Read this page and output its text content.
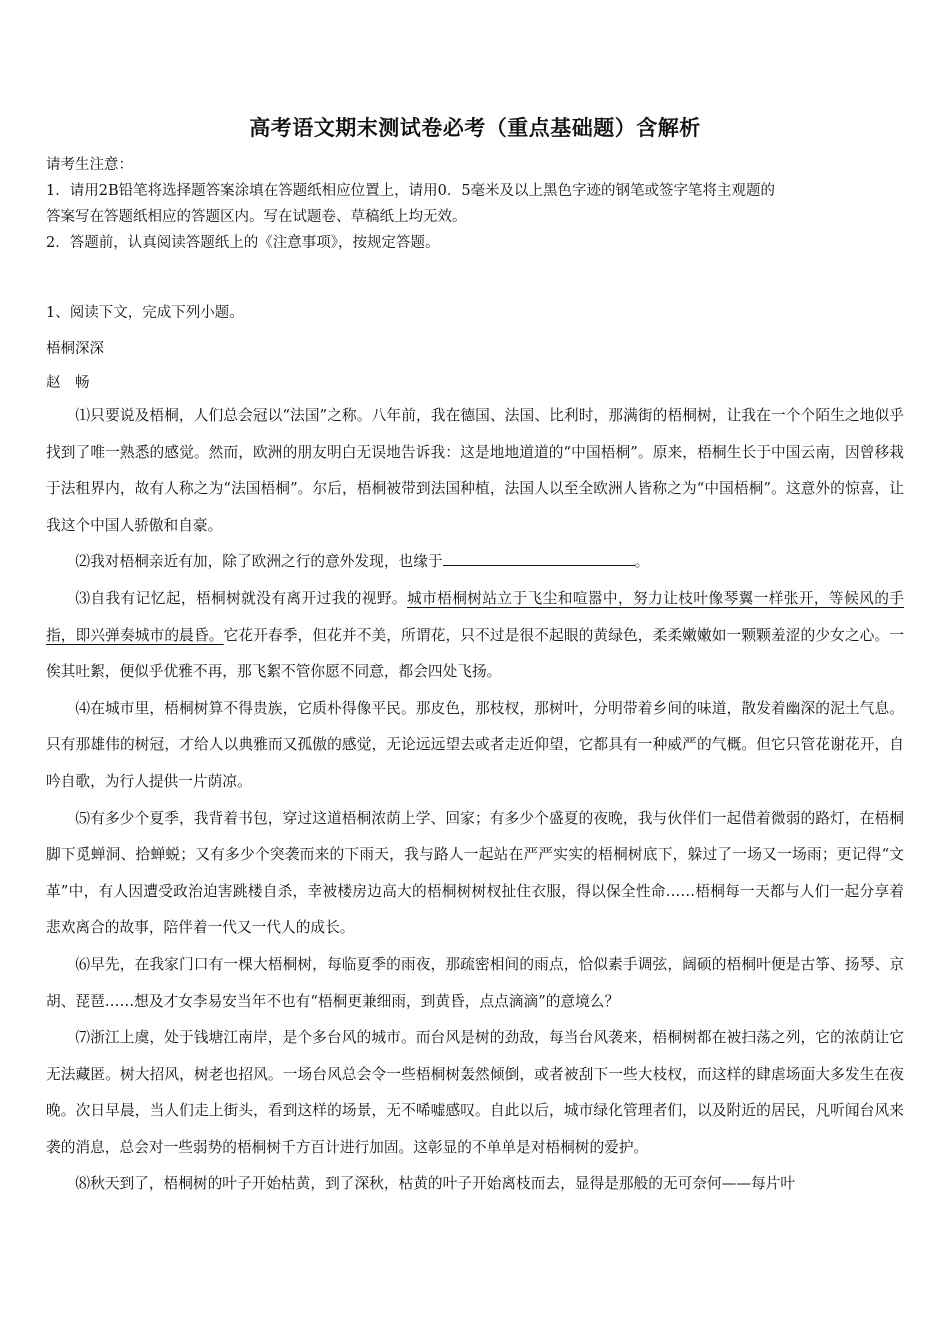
高考语文期末测试卷必考（重点基础题）含解析
请考生注意：
1．请用2B铅笔将选择题答案涂填在答题纸相应位置上，请用0．5毫米及以上黑色字迹的钢笔或签字笔将主观题的
答案写在答题纸相应的答题区内。写在试题卷、草稿纸上均无效。
2．答题前，认真阅读答题纸上的《注意事项》，按规定答题。
1、阅读下文，完成下列小题。
梧桐深深
赵　畅

⑴只要说及梧桐，人们总会冠以“法国”之称。八年前，我在德国、法国、比利时，那满街的梧桐树，让我在一个个陌生之地似乎找到了唯一熟悉的感觉。然而，欧洲的朋友明白无误地告诉我：这是地地道道的“中国梧桐”。原来，梧桐生长于中国云南，因曾移栽于法租界内，故有人称之为“法国梧桐”。尔后，梧桐被带到法国种植，法国人以至全欧洲人皆称之为“中国梧桐”。这意外的惊喜，让我这个中国人骄傲和自豪。

⑵我对梧桐亲近有加，除了欧洲之行的意外发现，也缘于	。

⑶自我有记忆起，梧桐树就没有离开过我的视野。城市梧桐树站立于飞尘和喧嚣中，努力让枝叶像琴翼一样张开，等候风的手指，即兴弹奏城市的晨昏。它花开春季，但花并不美，所谓花，只不过是很不起眼的黄绿色，柔柔嫩嫩如一颗颗羞涩的少女之心。一俟其吐絮，便似乎优雅不再，那飞絮不管你愿不同意，都会四处飞扬。

⑷在城市里，梧桐树算不得贵族，它质朴得像平民。那皮色，那枝杈，那树叶，分明带着乡间的味道，散发着幽深的泥土气息。只有那雄伟的树冠，才给人以典雅而又孤傲的感觉，无论远远望去或者走近仰望，它都具有一种威严的气概。但它只管花谢花开，自吟自歌，为行人提供一片荫凉。

⑸有多少个夏季，我背着书包，穿过这道梧桐浓荫上学、回家；有多少个盛夏的夜晚，我与伙伴们一起借着微弱的路灯，在梧桐脚下觅蝉洞、拾蝉蜕；又有多少个突袭而来的下雨天，我与路人一起站在严严实实的梧桐树底下，躲过了一场又一场雨；更记得“文革”中，有人因遭受政治迫害跳楼自杀，幸被楼房边高大的梧桐树树杈扯住衣服，得以保全性命……梧桐每一天都与人们一起分享着悲欢离合的故事，陪伴着一代又一代人的成长。

⑹早先，在我家门口有一棵大梧桐树，每临夏季的雨夜，那疏密相间的雨点，恰似素手调弦，阔硕的梧桐叶便是古筝、扬琴、京胡、琵琶……想及才女李易安当年不也有“梧桐更兼细雨，到黄昏，点点滴滴”的意境么？

⑺浙江上虞，处于钱塘江南岸，是个多台风的城市。而台风是树的劲敌，每当台风袭来，梧桐树都在被扫荡之列，它的浓荫让它无法藏匿。树大招风，树老也招风。一场台风总会令一些梧桐树轰然倾倒，或者被刮下一些大枝杈，而这样的肆虐场面大多发生在夜晚。次日早晨，当人们走上街头，看到这样的场景，无不唏嘘感叹。自此以后，城市绿化管理者们，以及附近的居民，凡听闻台风来袭的消息，总会对一些弱势的梧桐树千方百计进行加固。这彰显的不单单是对梧桐树的爱护。

⑻秋天到了，梧桐树的叶子开始枯黄，到了深秋，枯黄的叶子开始离枝而去，显得是那般的无可奈何——每片叶
